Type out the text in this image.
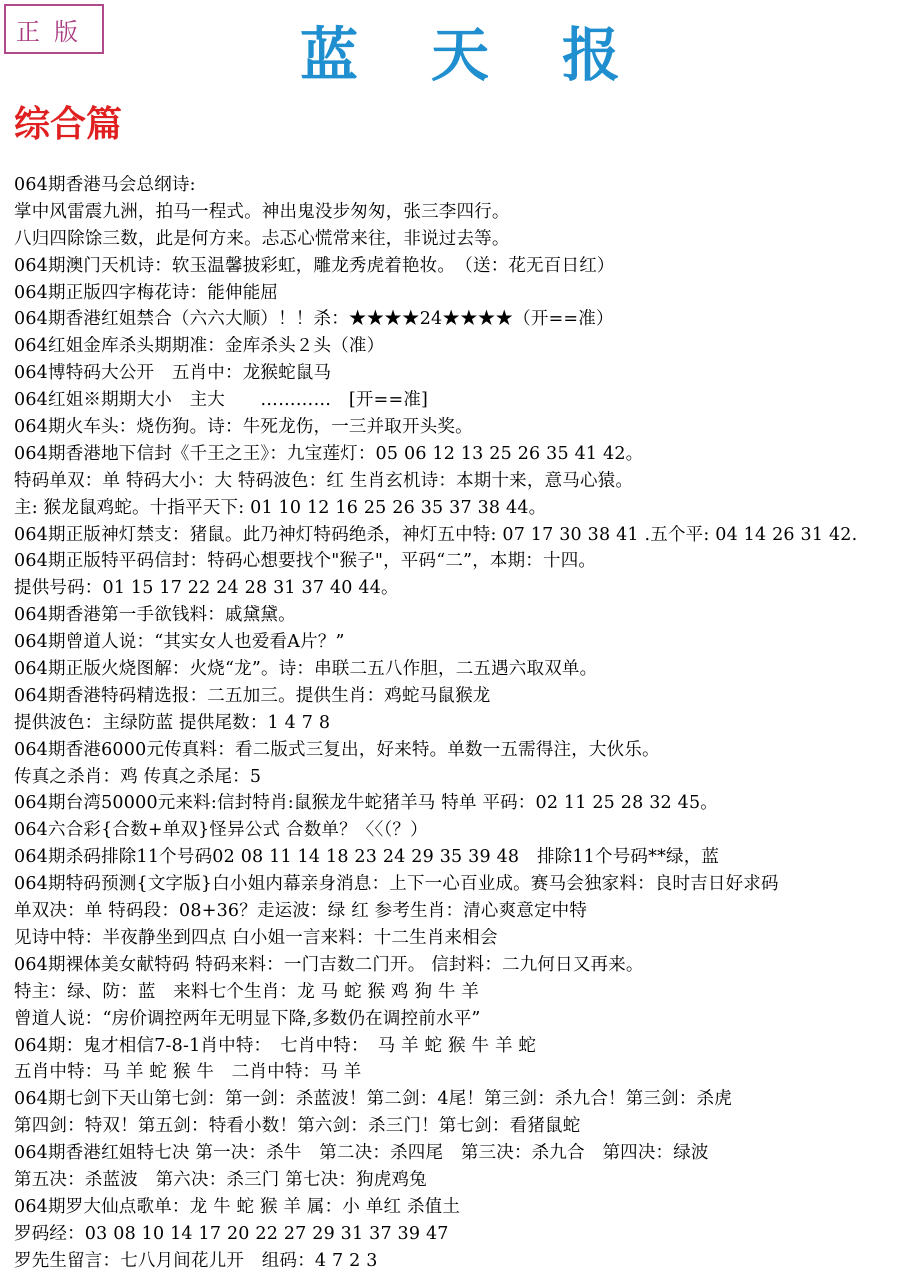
正版	蓝 天 报
综合篇
064期香港马会总纲诗:
掌中风雷震九洲，拍马一程式。神出鬼没步匆匆，张三李四行。
八归四除馀三数，此是何方来。忐忑心慌常来往，非说过去等。
064期澳门天机诗：软玉温馨披彩虹，雕龙秀虎着艳妆。　（送：花无百日红）
064期正版四字梅花诗：能伸能屈
064期香港红姐禁合（六六大顺）！！杀：★★★★24★★★★（开==准）
064红姐金库杀头期期准：金库杀头２头（准）
064博特码大公开　五肖中：龙猴蛇鼠马
064红姐※期期大小　主大　　…………　[开==准]
064期火车头：烧伤狗。诗：牛死龙伤，一三并取开头奖。
064期香港地下信封《千王之王》：九宝莲灯：05 06 12 13 25 26 35 41 42。
特码单双：单 特码大小：大 特码波色：红 生肖玄机诗：本期十来，意马心猿。
主: 猴龙鼠鸡蛇。十指平天下: 01 10 12 16 25 26 35 37 38 44。
064期正版神灯禁支：猪鼠。此乃神灯特码绝杀，神灯五中特: 07 17 30 38 41 .五个平: 04 14 26 31 42.
064期正版特平码信封：特码心想要找个"猴子"，平码“二”，本期：十四。
提供号码：01 15 17 22 24 28 31 37 40 44。
064期香港第一手欲钱料：戚黛黛。
064期曾道人说：“其实女人也爱看A片？”
064期正版火烧图解：火烧“龙”。诗：串联二五八作胆，二五遇六取双单。
064期香港特码精选报：二五加三。提供生肖：鸡蛇马鼠猴龙
提供波色：主绿防蓝 提供尾数：1 4 7 8
064期香港6000元传真料：看二版式三复出，好来特。单数一五需得注，大伙乐。
传真之杀肖：鸡 传真之杀尾：5
064期台湾50000元来料:信封特肖:鼠猴龙牛蛇猪羊马 特单 平码：02 11 25 28 32 45。
064六合彩{合数+单双}怪异公式 合数单？〈〈（？）
064期杀码排除11个号码02 08 11 14 18 23 24 29 35 39 48　排除11个号码**绿，蓝
064期特码预测{文字版}白小姐内幕亲身消息：上下一心百业成。赛马会独家料：良时吉日好求码
单双决：单 特码段：08+36？走运波：绿 红 参考生肖：清心爽意定中特
见诗中特：半夜静坐到四点 白小姐一言来料：十二生肖来相会
064期裸体美女献特码 特码来料：一门吉数二门开。 信封料：二九何日又再来。
特主：绿、防：蓝　来料七个生肖：龙 马 蛇 猴 鸡 狗 牛 羊
曾道人说：“房价调控两年无明显下降,多数仍在调控前水平”
064期：鬼才相信7-8-1肖中特：　七肖中特：　马 羊 蛇 猴 牛 羊 蛇
五肖中特：马 羊 蛇 猴 牛　二肖中特：马 羊
064期七剑下天山第七剑：第一剑：杀蓝波！第二剑：4尾！第三剑：杀九合！第三剑：杀虎
第四剑：特双！第五剑：特看小数！第六剑：杀三门！第七剑：看猪鼠蛇
064期香港红姐特七决 第一决：杀牛　第二决：杀四尾　第三决：杀九合　第四决：绿波
第五决：杀蓝波　第六决：杀三门 第七决：狗虎鸡兔
064期罗大仙点歌单：龙 牛 蛇 猴 羊 属：小 单红 杀值土
罗码经：03 08 10 14 17 20 22 27 29 31 37 39 47
罗先生留言：七八月间花儿开　组码：4 7 2 3
